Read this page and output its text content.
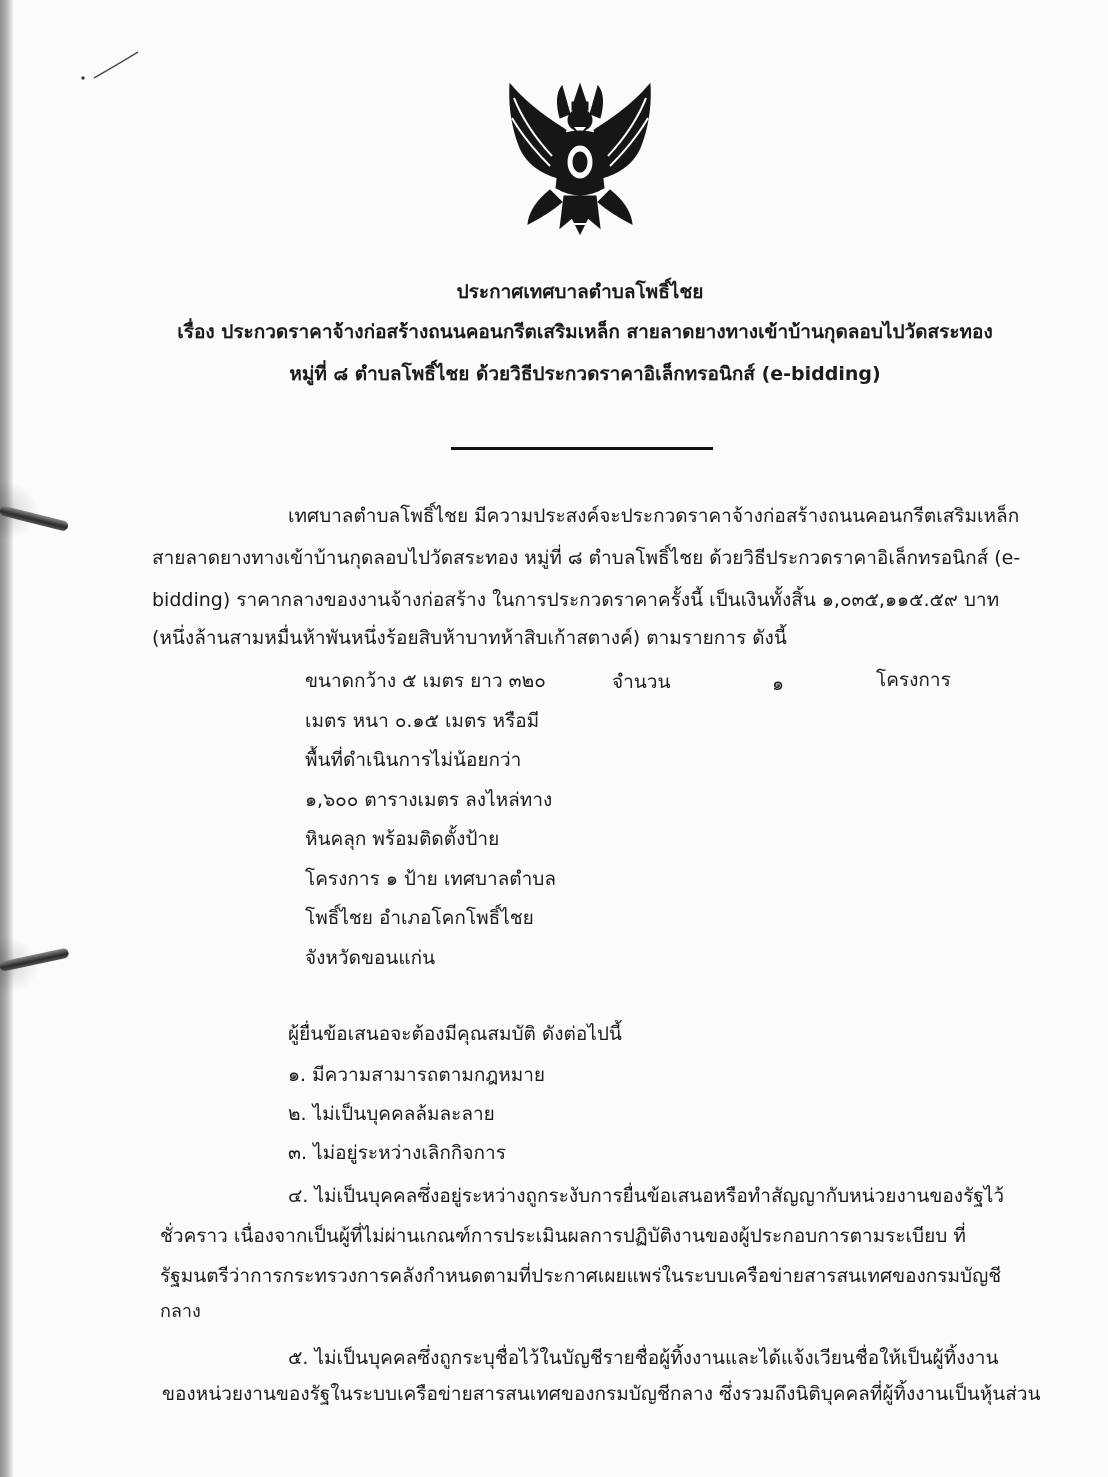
ประกาศเทศบาลตำบลโพธิ์ไชย
เรื่อง ประกวดราคาจ้างก่อสร้างถนนคอนกรีตเสริมเหล็ก สายลาดยางทางเข้าบ้านกุดลอบไปวัดสระทอง
หมู่ที่ ๘ ตำบลโพธิ์ไชย ด้วยวิธีประกวดราคาอิเล็กทรอนิกส์ (e-bidding)
เทศบาลตำบลโพธิ์ไชย มีความประสงค์จะประกวดราคาจ้างก่อสร้างถนนคอนกรีตเสริมเหล็ก
สายลาดยางทางเข้าบ้านกุดลอบไปวัดสระทอง หมู่ที่ ๘ ตำบลโพธิ์ไชย ด้วยวิธีประกวดราคาอิเล็กทรอนิกส์ (e-
bidding) ราคากลางของงานจ้างก่อสร้าง ในการประกวดราคาครั้งนี้ เป็นเงินทั้งสิ้น ๑,๐๓๕,๑๑๕.๕๙ บาท
(หนึ่งล้านสามหมื่นห้าพันหนึ่งร้อยสิบห้าบาทห้าสิบเก้าสตางค์) ตามรายการ ดังนี้
ขนาดกว้าง ๕ เมตร ยาว ๓๒๐
เมตร หนา ๐.๑๕ เมตร หรือมี
พื้นที่ดำเนินการไม่น้อยกว่า
๑,๖๐๐ ตารางเมตร ลงไหล่ทาง
หินคลุก พร้อมติดตั้งป้าย
โครงการ ๑ ป้าย เทศบาลตำบล
โพธิ์ไชย อำเภอโคกโพธิ์ไชย
จังหวัดขอนแก่น
จำนวน	๑	โครงการ
ผู้ยื่นข้อเสนอจะต้องมีคุณสมบัติ ดังต่อไปนี้
๑. มีความสามารถตามกฎหมาย
๒. ไม่เป็นบุคคลล้มละลาย
๓. ไม่อยู่ระหว่างเลิกกิจการ
๔. ไม่เป็นบุคคลซึ่งอยู่ระหว่างถูกระงับการยื่นข้อเสนอหรือทำสัญญากับหน่วยงานของรัฐไว้
ชั่วคราว เนื่องจากเป็นผู้ที่ไม่ผ่านเกณฑ์การประเมินผลการปฏิบัติงานของผู้ประกอบการตามระเบียบ ที่
รัฐมนตรีว่าการกระทรวงการคลังกำหนดตามที่ประกาศเผยแพร่ในระบบเครือข่ายสารสนเทศของกรมบัญชี
กลาง
๕. ไม่เป็นบุคคลซึ่งถูกระบุชื่อไว้ในบัญชีรายชื่อผู้ทิ้งงานและได้แจ้งเวียนชื่อให้เป็นผู้ทิ้งงาน
ของหน่วยงานของรัฐในระบบเครือข่ายสารสนเทศของกรมบัญชีกลาง ซึ่งรวมถึงนิติบุคคลที่ผู้ทิ้งงานเป็นหุ้นส่วน
